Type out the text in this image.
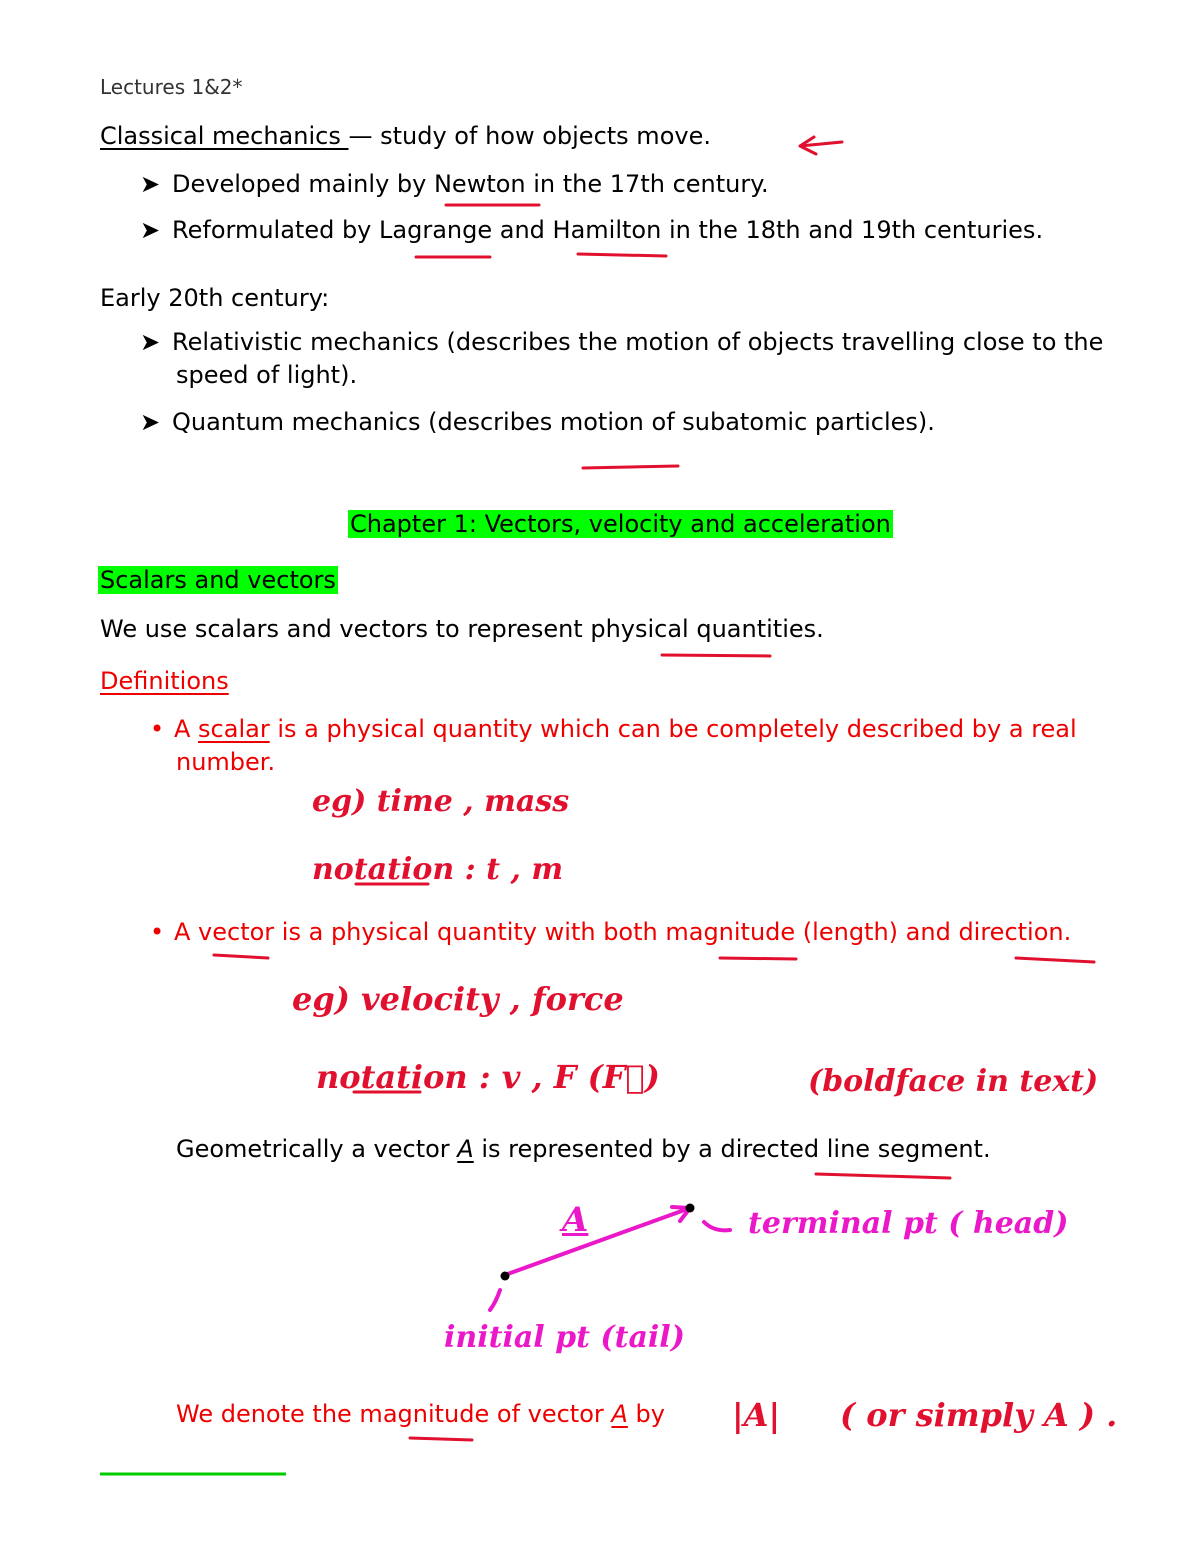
Lectures 1&2*
Classical mechanics — study of how objects move.
➤ Developed mainly by Newton in the 17th century.
➤ Reformulated by Lagrange and Hamilton in the 18th and 19th centuries.
Early 20th century:
➤ Relativistic mechanics (describes the motion of objects travelling close to the
speed of light).
➤ Quantum mechanics (describes motion of subatomic particles).
Chapter 1: Vectors, velocity and acceleration
Scalars and vectors
We use scalars and vectors to represent physical quantities.
Definitions
• A scalar is a physical quantity which can be completely described by a real
number.
• A vector is a physical quantity with both magnitude (length) and direction.
Geometrically a vector A is represented by a directed line segment.
We denote the magnitude of vector A by
eg) time , mass
notation : t , m
eg) velocity , force
notation : v , F (F⃗)	(boldface in text)
A	terminal pt ( head)
initial pt (tail)
|A| ( or simply A ) .
